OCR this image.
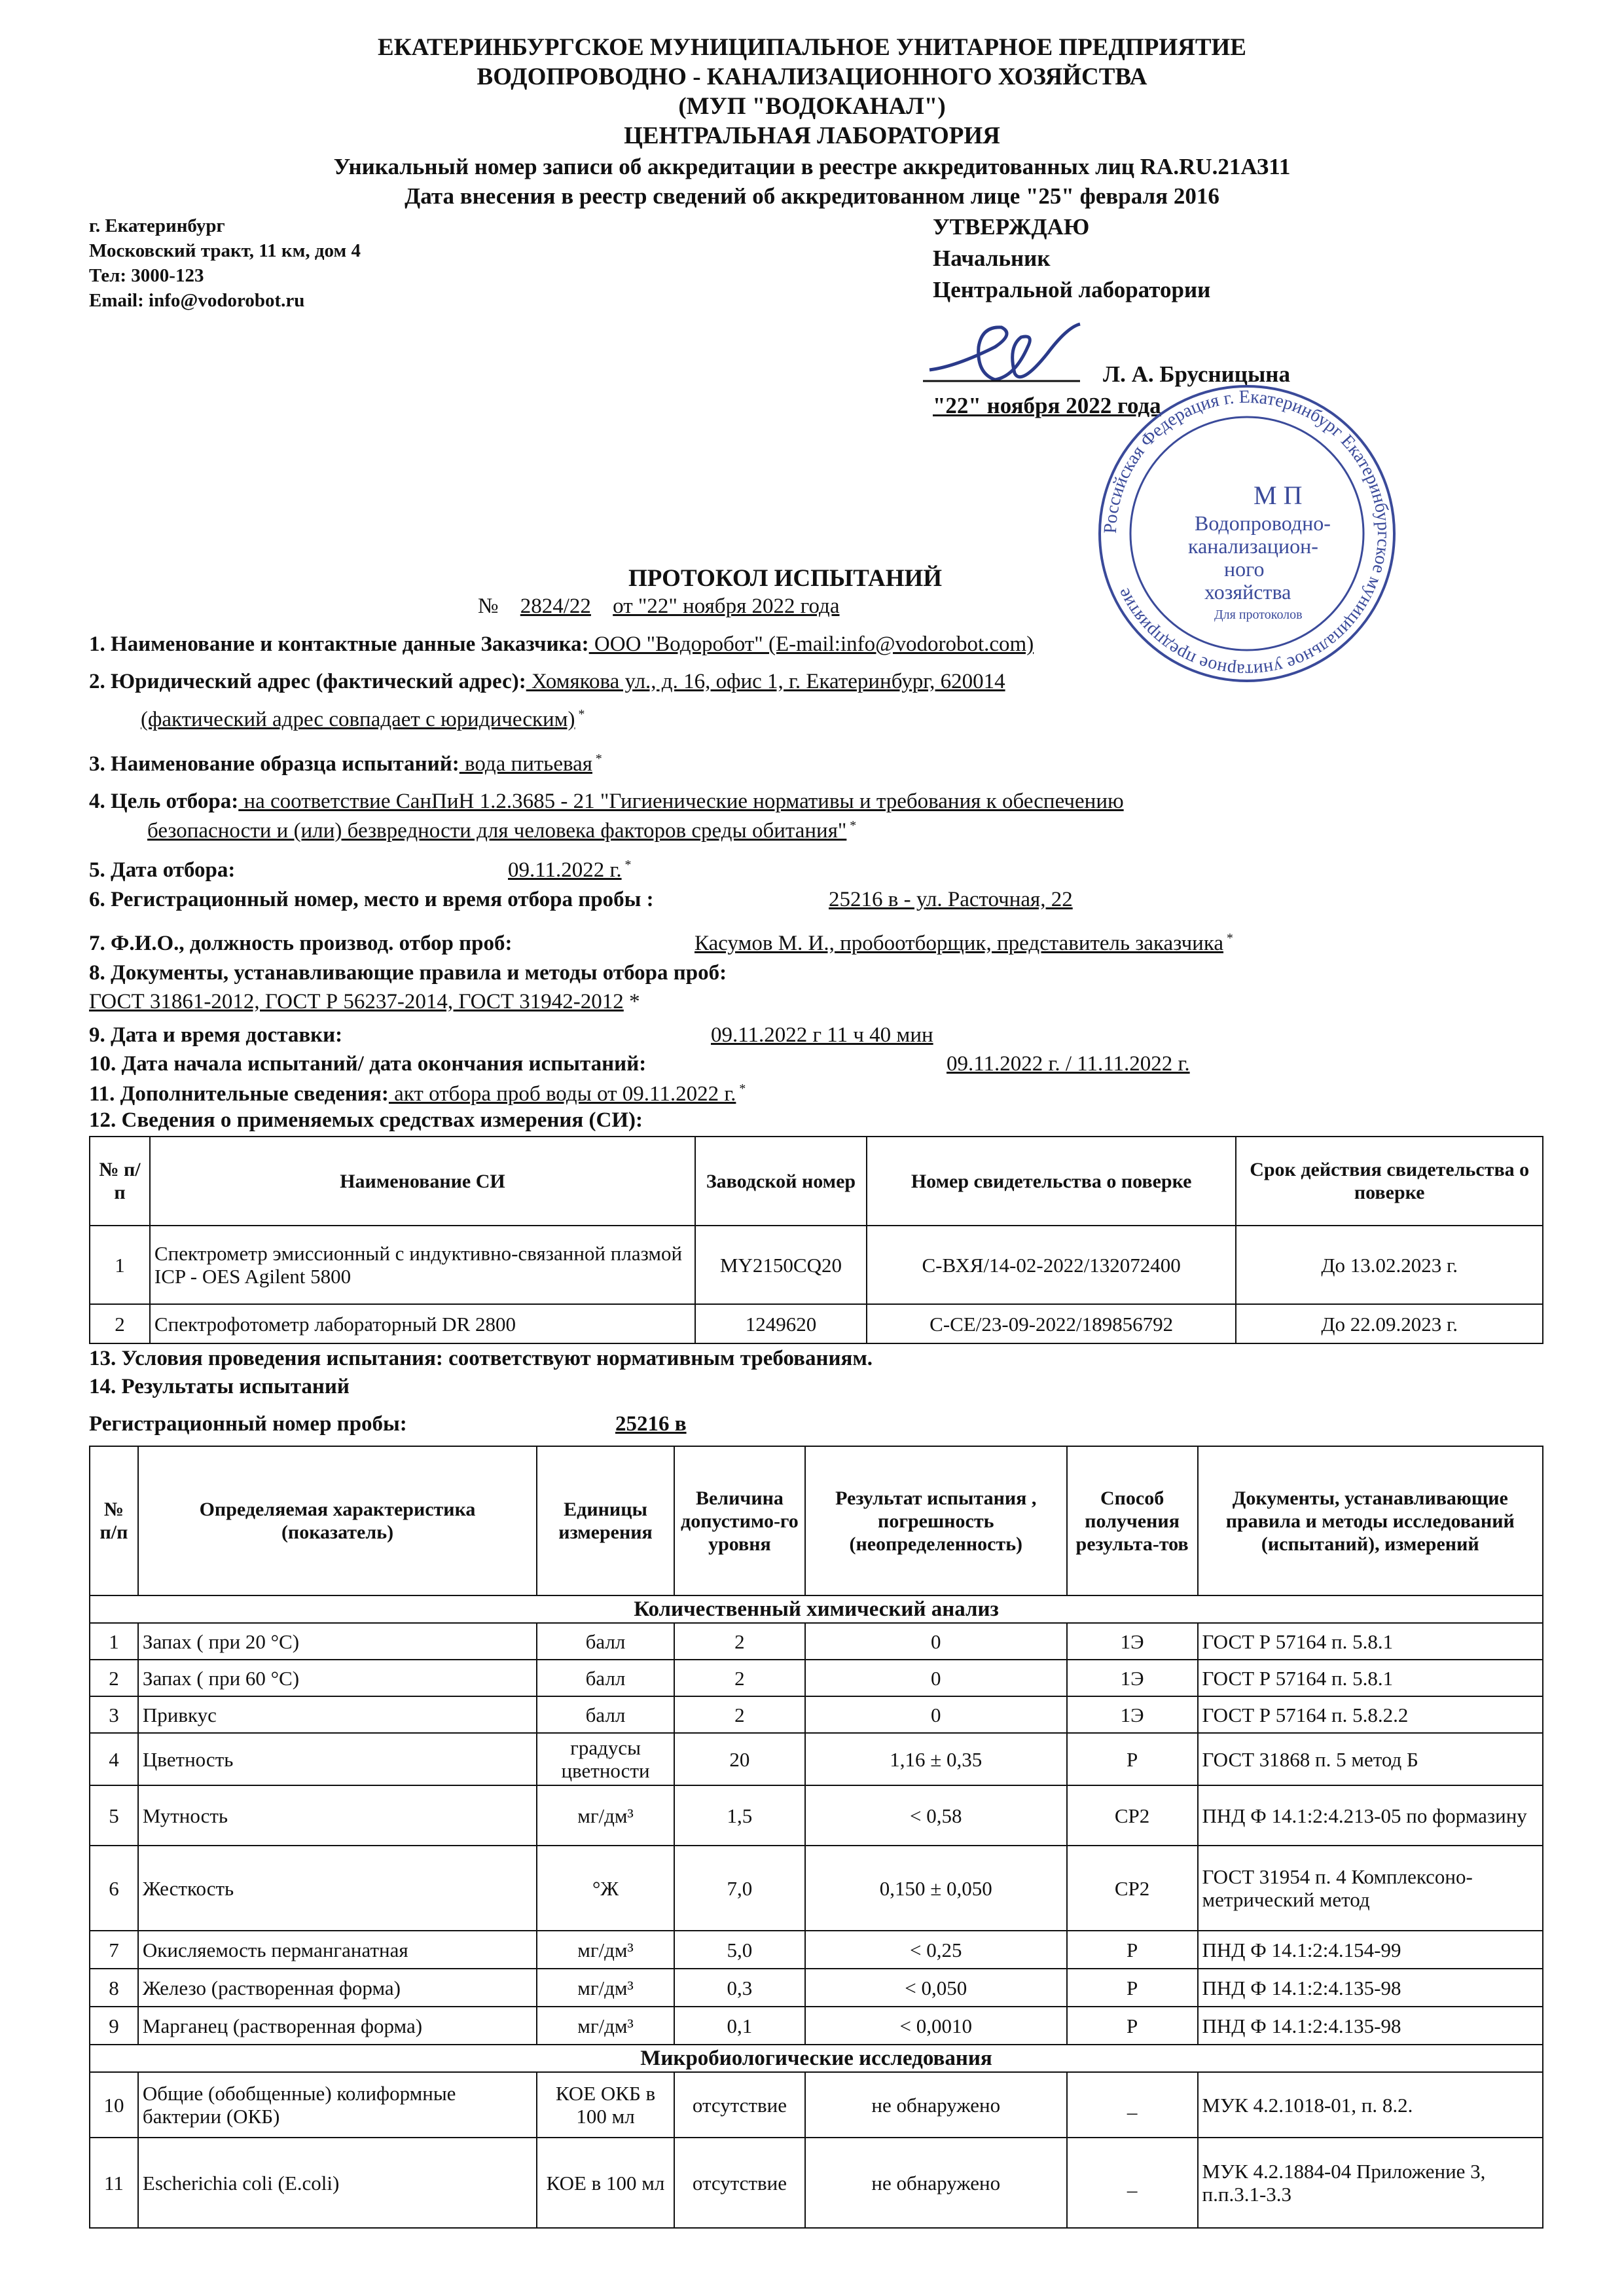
ЕКАТЕРИНБУРГСКОЕ МУНИЦИПАЛЬНОЕ УНИТАРНОЕ ПРЕДПРИЯТИЕ
ВОДОПРОВОДНО - КАНАЛИЗАЦИОННОГО ХОЗЯЙСТВА
(МУП "ВОДОКАНАЛ")
ЦЕНТРАЛЬНАЯ ЛАБОРАТОРИЯ
Уникальный номер записи об аккредитации в реестре аккредитованных лиц RA.RU.21АЗ11
Дата внесения в реестр сведений об аккредитованном лице "25" февраля 2016
г. Екатеринбург
Московский тракт, 11 км, дом 4
Тел: 3000-123
Email: info@vodorobot.ru
УТВЕРЖДАЮ
Начальник
Центральной лаборатории
Л. А. Брусницына
"22" ноября 2022 года
Российская Федерация г. Екатеринбург Екатеринбургское муниципальное унитарное предприятие
М П
Водопроводно-
канализацион-
ного
хозяйства
Для протоколов
ПРОТОКОЛ ИСПЫТАНИЙ
№ 2824/22 от "22" ноября 2022 года
1. Наименование и контактные данные Заказчика: ООО "Водоробот" (E-mail:info@vodorobot.com)
2. Юридический адрес (фактический адрес): Хомякова ул., д. 16, офис 1, г. Екатеринбург, 620014
(фактический адрес совпадает с юридическим) *
3. Наименование образца испытаний: вода питьевая *
4. Цель отбора: на соответствие СанПиН 1.2.3685 - 21 "Гигиенические нормативы и требования к обеспечению
безопасности и (или) безвредности для человека факторов среды обитания" *
5. Дата отбора:	09.11.2022 г. *
6. Регистрационный номер, место и время отбора пробы :	25216 в - ул. Расточная, 22
7. Ф.И.О., должность производ. отбор проб:	Касумов М. И., пробоотборщик, представитель заказчика *
8. Документы, устанавливающие правила и методы отбора проб:
ГОСТ 31861-2012, ГОСТ Р 56237-2014, ГОСТ 31942-2012 *
9. Дата и время доставки:	09.11.2022 г 11 ч 40 мин
10. Дата начала испытаний/ дата окончания испытаний:	09.11.2022 г. / 11.11.2022 г.
11. Дополнительные сведения: акт отбора проб воды от 09.11.2022 г. *
12. Сведения о применяемых средствах измерения (СИ):
№ п/п	Наименование СИ	Заводской номер	Номер свидетельства о поверке	Срок действия свидетельства о поверке
1	Спектрометр эмиссионный с индуктивно-связанной плазмой ICP - OES Agilent 5800	MY2150CQ20	С-ВХЯ/14-02-2022/132072400	До 13.02.2023 г.
2	Спектрофотометр лабораторный DR 2800	1249620	С-СЕ/23-09-2022/189856792	До 22.09.2023 г.
13. Условия проведения испытания: соответствуют нормативным требованиям.
14. Результаты испытаний
Регистрационный номер пробы:	25216 в
№ п/п	Определяемая характеристика (показатель)	Единицы измерения	Величина допустимо-го уровня	Результат испытания , погрешность (неопределенность)	Способ получения результа-тов	Документы, устанавливающие правила и методы исследований (испытаний), измерений
Количественный химический анализ						
1	Запах ( при 20 °С)	балл	2	0	1Э	ГОСТ Р 57164 п. 5.8.1
2	Запах ( при 60 °С)	балл	2	0	1Э	ГОСТ Р 57164 п. 5.8.1
3	Привкус	балл	2	0	1Э	ГОСТ Р 57164 п. 5.8.2.2
4	Цветность	градусы цветности	20	1,16 ± 0,35	Р	ГОСТ 31868 п. 5 метод Б
5	Мутность	мг/дм³	1,5	< 0,58	СР2	ПНД Ф 14.1:2:4.213-05 по формазину
6	Жесткость	°Ж	7,0	0,150 ± 0,050	СР2	ГОСТ 31954 п. 4 Комплексоно-метрический метод
7	Окисляемость перманганатная	мг/дм³	5,0	< 0,25	Р	ПНД Ф 14.1:2:4.154-99
8	Железо (растворенная форма)	мг/дм³	0,3	< 0,050	Р	ПНД Ф 14.1:2:4.135-98
9	Марганец (растворенная форма)	мг/дм³	0,1	< 0,0010	Р	ПНД Ф 14.1:2:4.135-98
Микробиологические исследования						
10	Общие (обобщенные) колиформные бактерии (ОКБ)	КОЕ ОКБ в 100 мл	отсутствие	не обнаружено	_	МУК 4.2.1018-01, п. 8.2.
11	Escherichia coli (E.coli)	КОЕ в 100 мл	отсутствие	не обнаружено	_	МУК 4.2.1884-04 Приложение 3, п.п.3.1-3.3
